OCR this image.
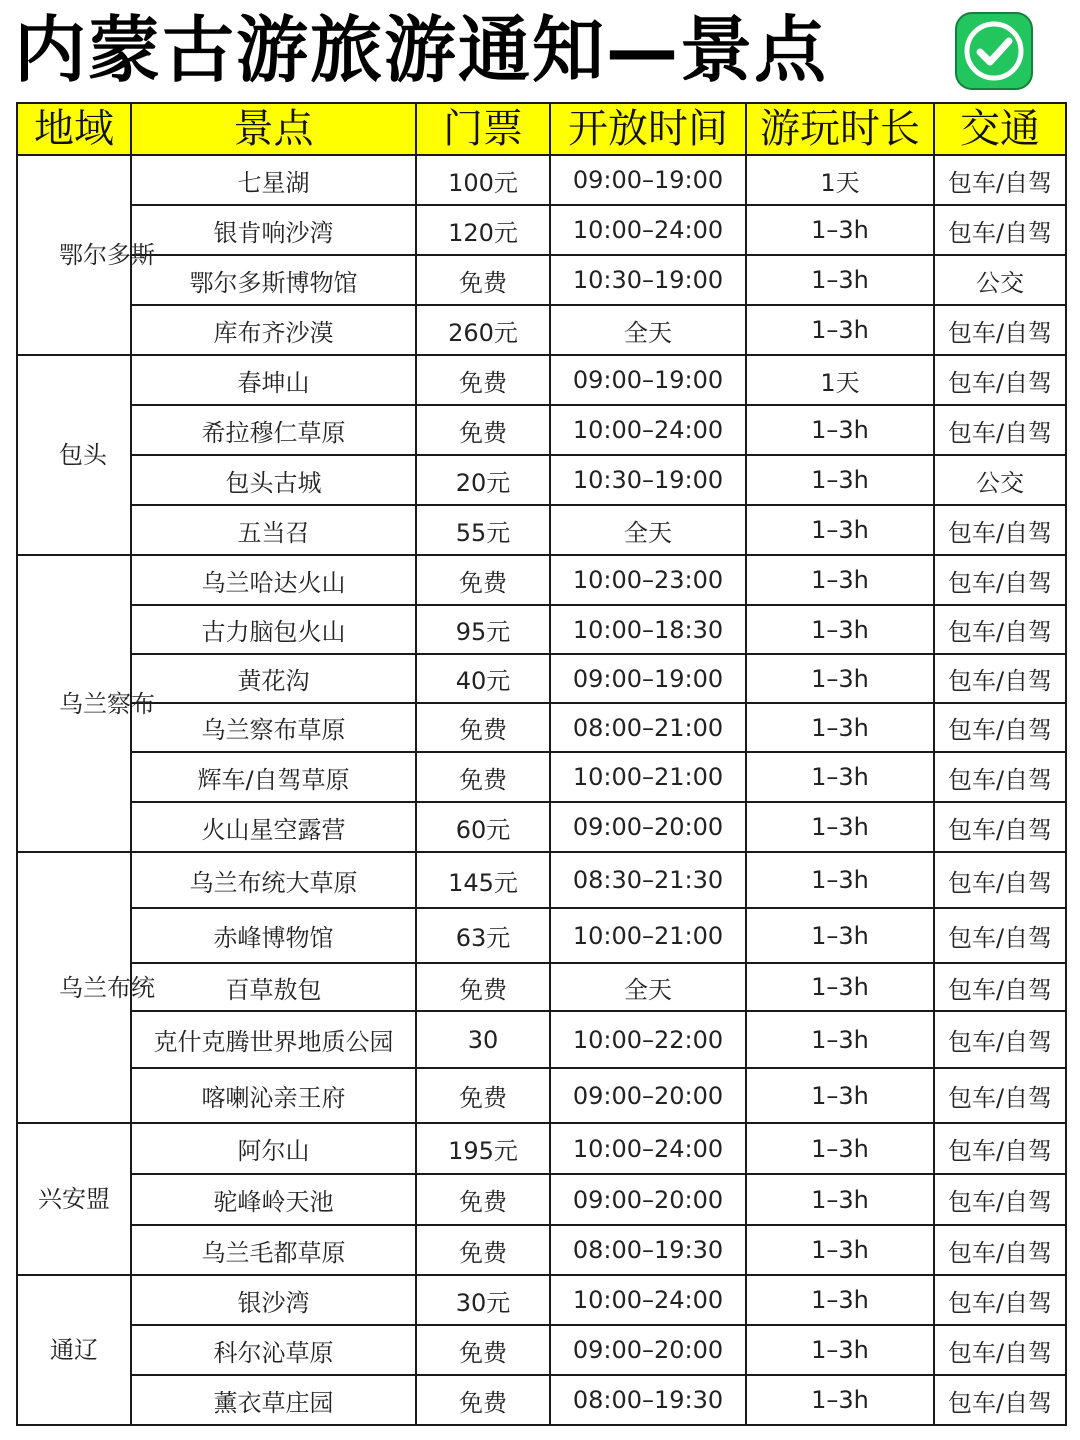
内蒙古游旅游通知—景点
地域	景点	门票	开放时间	游玩时长	交通
鄂尔多斯	七星湖	100元	09:00–19:00	1天	包车/自驾
	银肯响沙湾	120元	10:00–24:00	1–3h	包车/自驾
	鄂尔多斯博物馆	免费	10:30–19:00	1–3h	公交
	库布齐沙漠	260元	全天	1–3h	包车/自驾
包头	春坤山	免费	09:00–19:00	1天	包车/自驾
	希拉穆仁草原	免费	10:00–24:00	1–3h	包车/自驾
	包头古城	20元	10:30–19:00	1–3h	公交
	五当召	55元	全天	1–3h	包车/自驾
乌兰察布	乌兰哈达火山	免费	10:00–23:00	1–3h	包车/自驾
	古力脑包火山	95元	10:00–18:30	1–3h	包车/自驾
	黄花沟	40元	09:00–19:00	1–3h	包车/自驾
	乌兰察布草原	免费	08:00–21:00	1–3h	包车/自驾
	辉车/自驾草原	免费	10:00–21:00	1–3h	包车/自驾
	火山星空露营	60元	09:00–20:00	1–3h	包车/自驾
乌兰布统	乌兰布统大草原	145元	08:30–21:30	1–3h	包车/自驾
	赤峰博物馆	63元	10:00–21:00	1–3h	包车/自驾
	百草敖包	免费	全天	1–3h	包车/自驾
	克什克腾世界地质公园	30	10:00–22:00	1–3h	包车/自驾
	喀喇沁亲王府	免费	09:00–20:00	1–3h	包车/自驾
兴安盟	阿尔山	195元	10:00–24:00	1–3h	包车/自驾
	驼峰岭天池	免费	09:00–20:00	1–3h	包车/自驾
	乌兰毛都草原	免费	08:00–19:30	1–3h	包车/自驾
通辽	银沙湾	30元	10:00–24:00	1–3h	包车/自驾
	科尔沁草原	免费	09:00–20:00	1–3h	包车/自驾
	薰衣草庄园	免费	08:00–19:30	1–3h	包车/自驾
